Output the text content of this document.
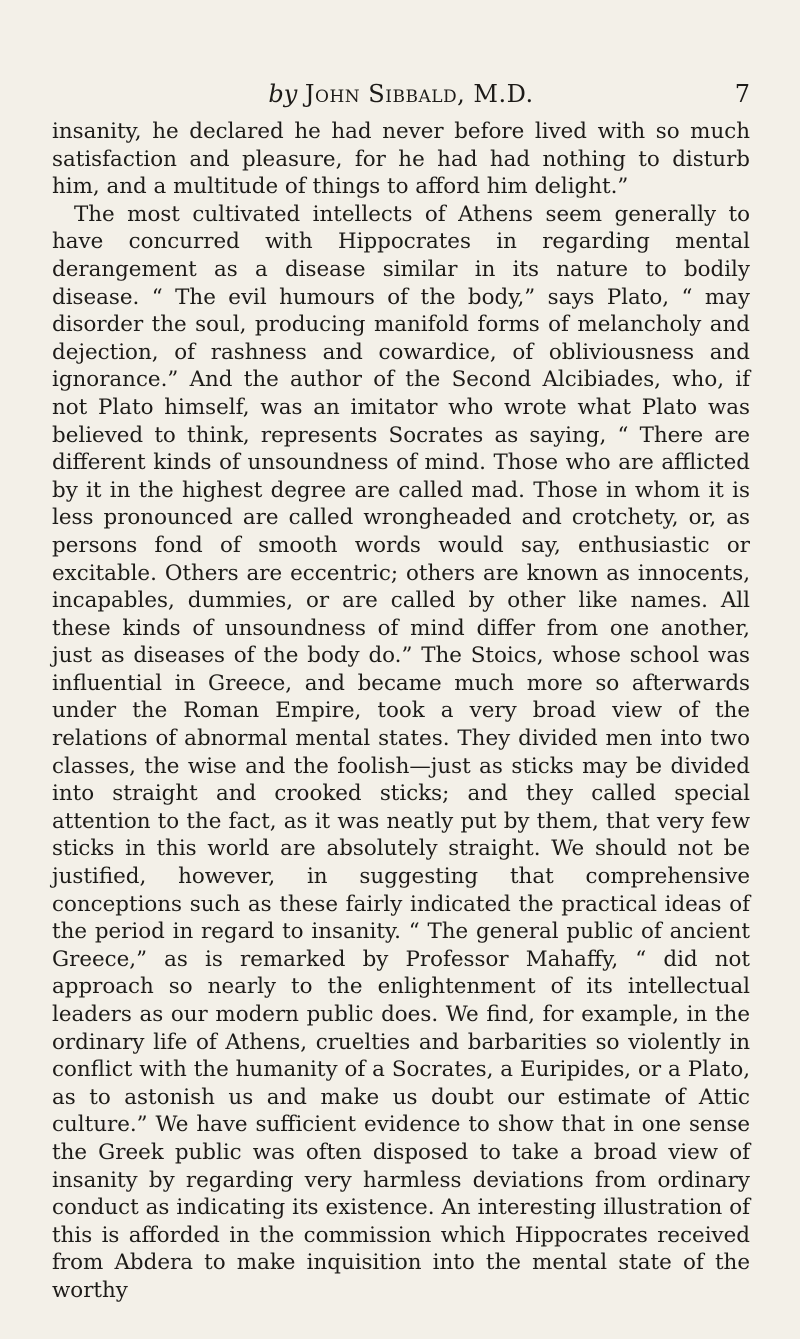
by John Sibbald, M.D.	7

insanity, he declared he had never before lived with so much satisfaction and pleasure, for he had had nothing to disturb him, and a multitude of things to afford him delight.”

The most cultivated intellects of Athens seem generally to have concurred with Hippocrates in regarding mental derangement as a disease similar in its nature to bodily disease. “ The evil humours of the body,” says Plato, “ may disorder the soul, producing manifold forms of melancholy and dejection, of rashness and cowardice, of obliviousness and ignorance.” And the author of the Second Alcibiades, who, if not Plato himself, was an imitator who wrote what Plato was believed to think, represents Socrates as saying, “ There are different kinds of unsoundness of mind. Those who are afflicted by it in the highest degree are called mad. Those in whom it is less pronounced are called wrongheaded and crotchety, or, as persons fond of smooth words would say, enthusiastic or excitable. Others are eccentric; others are known as innocents, incapables, dummies, or are called by other like names. All these kinds of unsoundness of mind differ from one another, just as diseases of the body do.” The Stoics, whose school was influential in Greece, and became much more so afterwards under the Roman Empire, took a very broad view of the relations of abnormal mental states. They divided men into two classes, the wise and the foolish—just as sticks may be divided into straight and crooked sticks; and they called special attention to the fact, as it was neatly put by them, that very few sticks in this world are absolutely straight. We should not be justified, however, in suggesting that comprehensive conceptions such as these fairly indicated the practical ideas of the period in regard to insanity. “ The general public of ancient Greece,” as is remarked by Professor Mahaffy, “ did not approach so nearly to the enlightenment of its intellectual leaders as our modern public does. We find, for example, in the ordinary life of Athens, cruelties and barbarities so violently in conflict with the humanity of a Socrates, a Euripides, or a Plato, as to astonish us and make us doubt our estimate of Attic culture.” We have sufficient evidence to show that in one sense the Greek public was often disposed to take a broad view of insanity by regarding very harmless deviations from ordinary conduct as indicating its existence. An interesting illustration of this is afforded in the commission which Hippocrates received from Abdera to make inquisition into the mental state of the worthy
